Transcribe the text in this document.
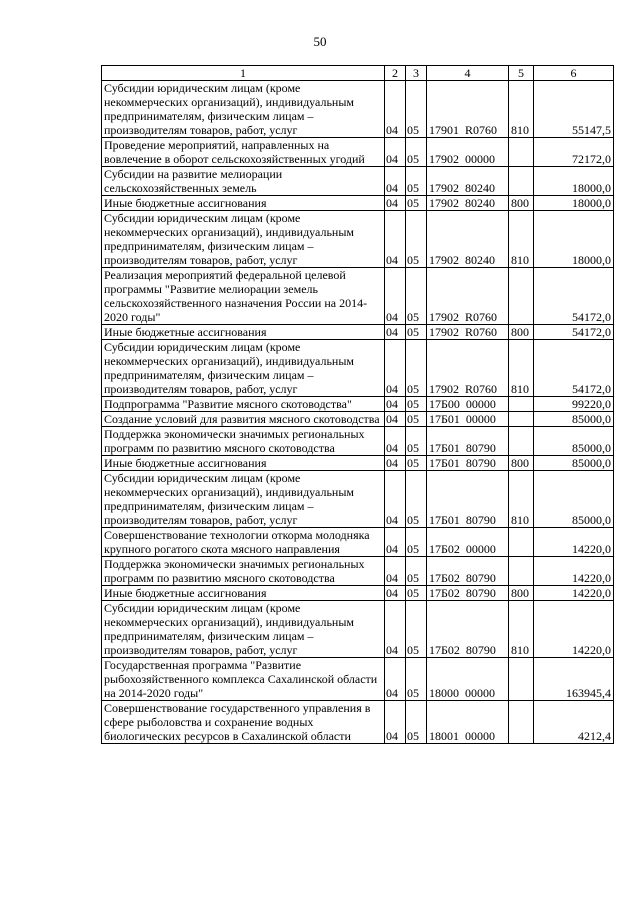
50
1	2	3	4	5	6
Субсидии юридическим лицам (кроме некоммерческих организаций), индивидуальным предпринимателям, физическим лицам – производителям товаров, работ, услуг	04	05	17901  R0760	810	55147,5
Проведение мероприятий, направленных на вовлечение в оборот сельскохозяйственных угодий	04	05	17902  00000		72172,0
Субсидии на развитие мелиорации сельскохозяйственных земель	04	05	17902  80240		18000,0
Иные бюджетные ассигнования	04	05	17902  80240	800	18000,0
Субсидии юридическим лицам (кроме некоммерческих организаций), индивидуальным предпринимателям, физическим лицам – производителям товаров, работ, услуг	04	05	17902  80240	810	18000,0
Реализация мероприятий федеральной целевой программы "Развитие мелиорации земель сельскохозяйственного назначения России на 2014-2020 годы"	04	05	17902  R0760		54172,0
Иные бюджетные ассигнования	04	05	17902  R0760	800	54172,0
Субсидии юридическим лицам (кроме некоммерческих организаций), индивидуальным предпринимателям, физическим лицам – производителям товаров, работ, услуг	04	05	17902  R0760	810	54172,0
Подпрограмма "Развитие мясного скотоводства"	04	05	17Б00  00000		99220,0
Создание условий для развития мясного скотоводства	04	05	17Б01  00000		85000,0
Поддержка экономически значимых региональных программ по развитию мясного скотоводства	04	05	17Б01  80790		85000,0
Иные бюджетные ассигнования	04	05	17Б01  80790	800	85000,0
Субсидии юридическим лицам (кроме некоммерческих организаций), индивидуальным предпринимателям, физическим лицам – производителям товаров, работ, услуг	04	05	17Б01  80790	810	85000,0
Совершенствование технологии откорма молодняка крупного рогатого скота мясного направления	04	05	17Б02  00000		14220,0
Поддержка экономически значимых региональных программ по развитию мясного скотоводства	04	05	17Б02  80790		14220,0
Иные бюджетные ассигнования	04	05	17Б02  80790	800	14220,0
Субсидии юридическим лицам (кроме некоммерческих организаций), индивидуальным предпринимателям, физическим лицам – производителям товаров, работ, услуг	04	05	17Б02  80790	810	14220,0
Государственная программа "Развитие рыбохозяйственного комплекса Сахалинской области на 2014-2020 годы"	04	05	18000  00000		163945,4
Совершенствование государственного управления в сфере рыболовства и сохранение водных биологических ресурсов в Сахалинской области	04	05	18001  00000		4212,4
